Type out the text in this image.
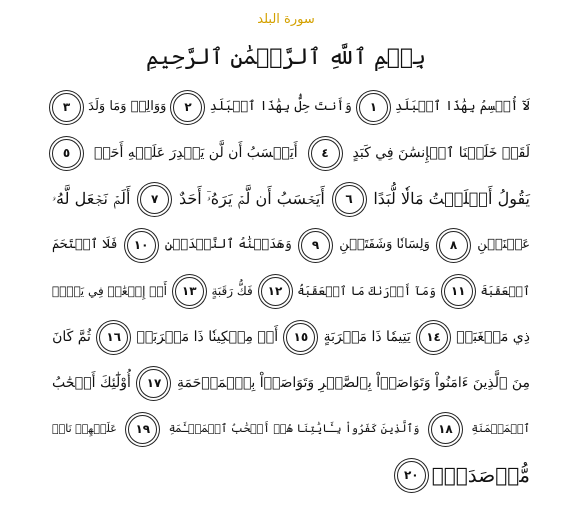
سورة البلد
بِسۡمِ ٱللَّهِ ٱلرَّحۡمَٰنِ ٱلرَّحِيمِ
لَآ أُقۡسِمُ بِهَٰذَا ٱلۡبَلَدِ
١
وَأَنتَ حِلُّۢ بِهَٰذَا ٱلۡبَلَدِ
٢
وَوَالِدٖ وَمَا وَلَدَ
٣
لَقَدۡ خَلَقۡنَا ٱلۡإِنسَٰنَ فِي كَبَدٍ
٤
أَيَحۡسَبُ أَن لَّن يَقۡدِرَ عَلَيۡهِ أَحَدٞ
٥
يَقُولُ أَهۡلَكۡتُ مَالٗا لُّبَدًا
٦
أَيَحۡسَبُ أَن لَّمۡ يَرَهُۥٓ أَحَدٌ
٧
أَلَمۡ نَجۡعَل لَّهُۥ
عَيۡنَيۡنِ
٨
وَلِسَانٗا وَشَفَتَيۡنِ
٩
وَهَدَيۡنَٰهُ ٱلنَّجۡدَيۡنِ
١٠
فَلَا ٱقۡتَحَمَ
ٱلۡعَقَبَةَ
١١
وَمَآ أَدۡرَىٰكَ مَا ٱلۡعَقَبَةُ
١٢
فَكُّ رَقَبَةٍ
١٣
أَوۡ إِطۡعَٰمٞ فِي يَوۡمٖ
ذِي مَسۡغَبَةٖ
١٤
يَتِيمٗا ذَا مَقۡرَبَةٍ
١٥
أَوۡ مِسۡكِينٗا ذَا مَتۡرَبَةٖ
١٦
ثُمَّ كَانَ
مِنَ ٱلَّذِينَ ءَامَنُواْ وَتَوَاصَوۡاْ بِٱلصَّبۡرِ وَتَوَاصَوۡاْ بِٱلۡمَرۡحَمَةِ
١٧
أُوْلَٰٓئِكَ أَصۡحَٰبُ
ٱلۡمَيۡمَنَةِ
١٨
وَٱلَّذِينَ كَفَرُواْ بِـَٔايَٰتِنَا هُمۡ أَصۡحَٰبُ ٱلۡمَشۡـَٔمَةِ
١٩
عَلَيۡهِمۡ نَارٞ
مُّؤۡصَدَةُۢ
٢٠
